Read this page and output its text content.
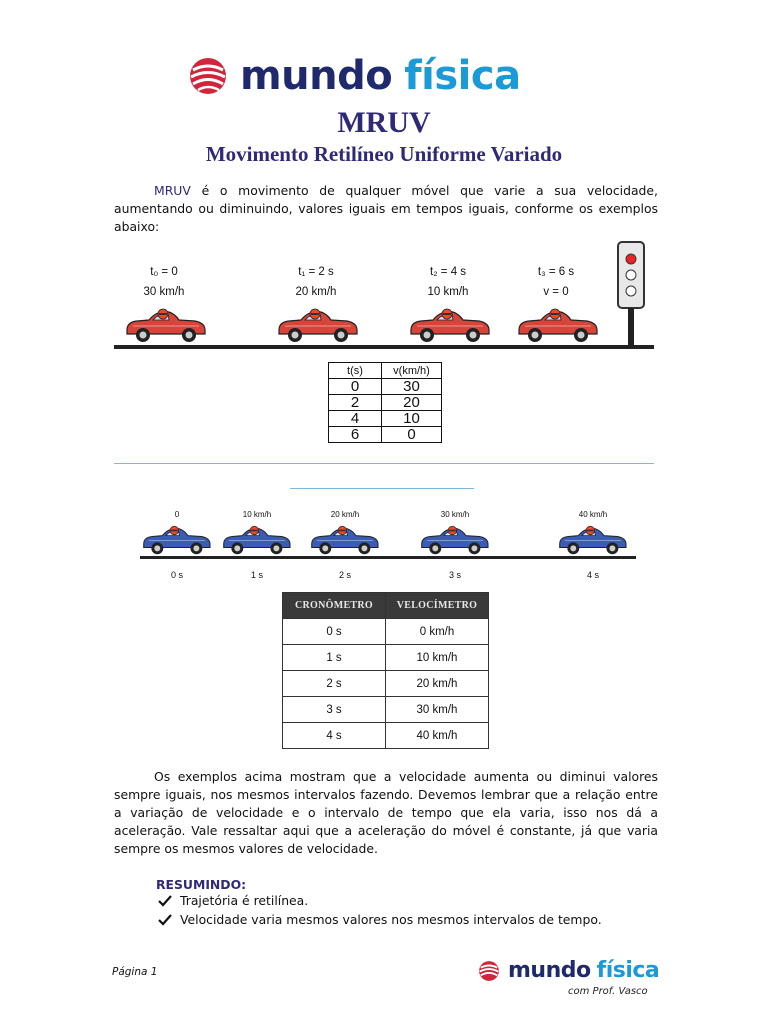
mundo física
MRUV
Movimento Retilíneo Uniforme Variado
MRUV é o movimento de qualquer móvel que varie a sua velocidade, aumentando ou diminuindo, valores iguais em tempos iguais, conforme os exemplos abaixo:
t₀ = 0
30 km/h
t₁ = 2 s
20 km/h
t₂ = 4 s
10 km/h
t₃ = 6 s
v = 0
t(s)	v(km/h)
0	30
2	20
4	10
6	0
0
0 s
10 km/h
1 s
20 km/h
2 s
30 km/h
3 s
40 km/h
4 s
CRONÔMETRO	VELOCÍMETRO
0 s	0 km/h
1 s	10 km/h
2 s	20 km/h
3 s	30 km/h
4 s	40 km/h
Os exemplos acima mostram que a velocidade aumenta ou diminui valores sempre iguais, nos mesmos intervalos fazendo. Devemos lembrar que a relação entre a variação de velocidade e o intervalo de tempo que ela varia, isso nos dá a aceleração. Vale ressaltar aqui que a aceleração do móvel é constante, já que varia sempre os mesmos valores de velocidade.
RESUMINDO:
Trajetória é retilínea.
Velocidade varia mesmos valores nos mesmos intervalos de tempo.
Página 1	mundo física
com Prof. Vasco
